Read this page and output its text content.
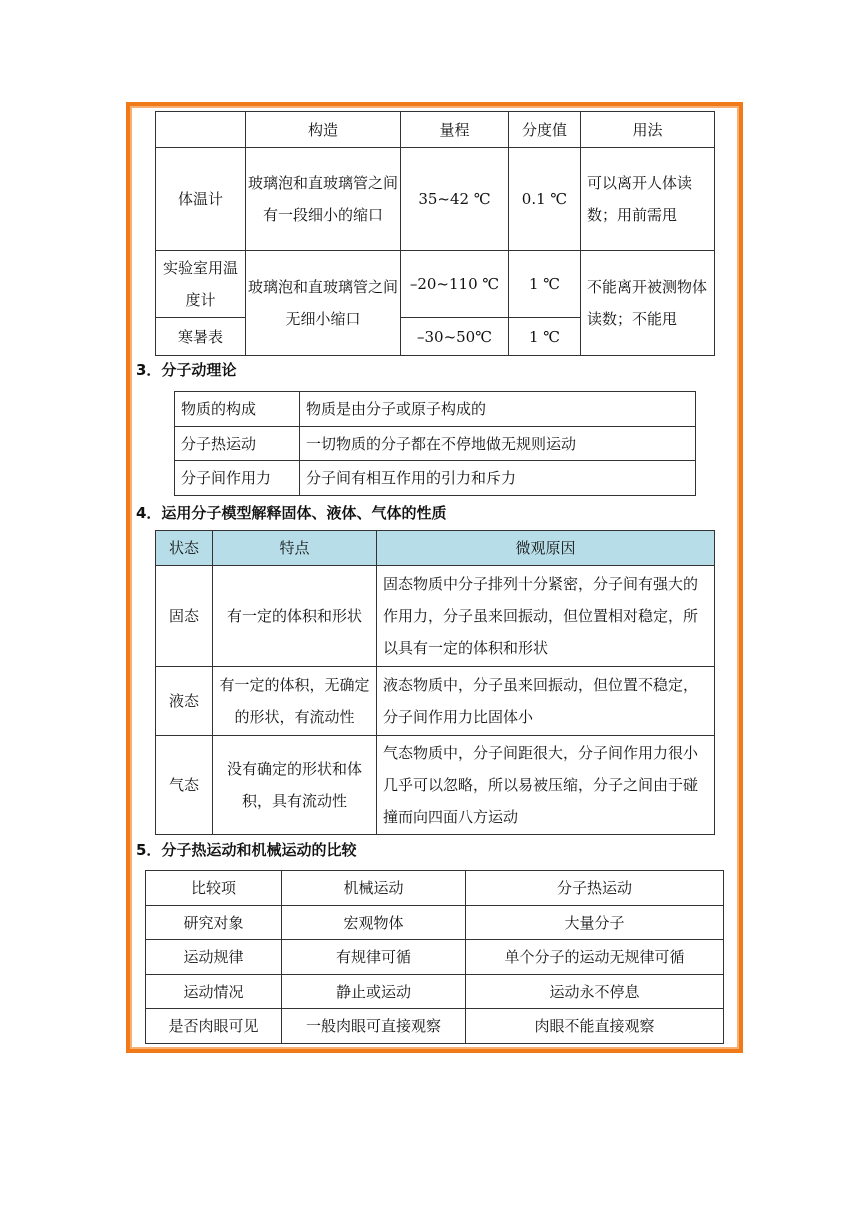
	构造	量程	分度值	用法
体温计	玻璃泡和直玻璃管之间有一段细小的缩口	35~42 ℃	0.1 ℃	可以离开人体读数；用前需甩
实验室用温度计	玻璃泡和直玻璃管之间无细小缩口	–20~110 ℃	1 ℃	不能离开被测物体读数；不能甩
寒暑表		–30~50℃	1 ℃	
3．分子动理论
物质的构成	物质是由分子或原子构成的
分子热运动	一切物质的分子都在不停地做无规则运动
分子间作用力	分子间有相互作用的引力和斥力
4．运用分子模型解释固体、液体、气体的性质
状态	特点	微观原因
固态	有一定的体积和形状	固态物质中分子排列十分紧密，分子间有强大的作用力，分子虽来回振动，但位置相对稳定，所以具有一定的体积和形状
液态	有一定的体积，无确定的形状，有流动性	液态物质中，分子虽来回振动，但位置不稳定，分子间作用力比固体小
气态	没有确定的形状和体积，具有流动性	气态物质中，分子间距很大，分子间作用力很小几乎可以忽略，所以易被压缩，分子之间由于碰撞而向四面八方运动
5．分子热运动和机械运动的比较
比较项	机械运动	分子热运动
研究对象	宏观物体	大量分子
运动规律	有规律可循	单个分子的运动无规律可循
运动情况	静止或运动	运动永不停息
是否肉眼可见	一般肉眼可直接观察	肉眼不能直接观察
